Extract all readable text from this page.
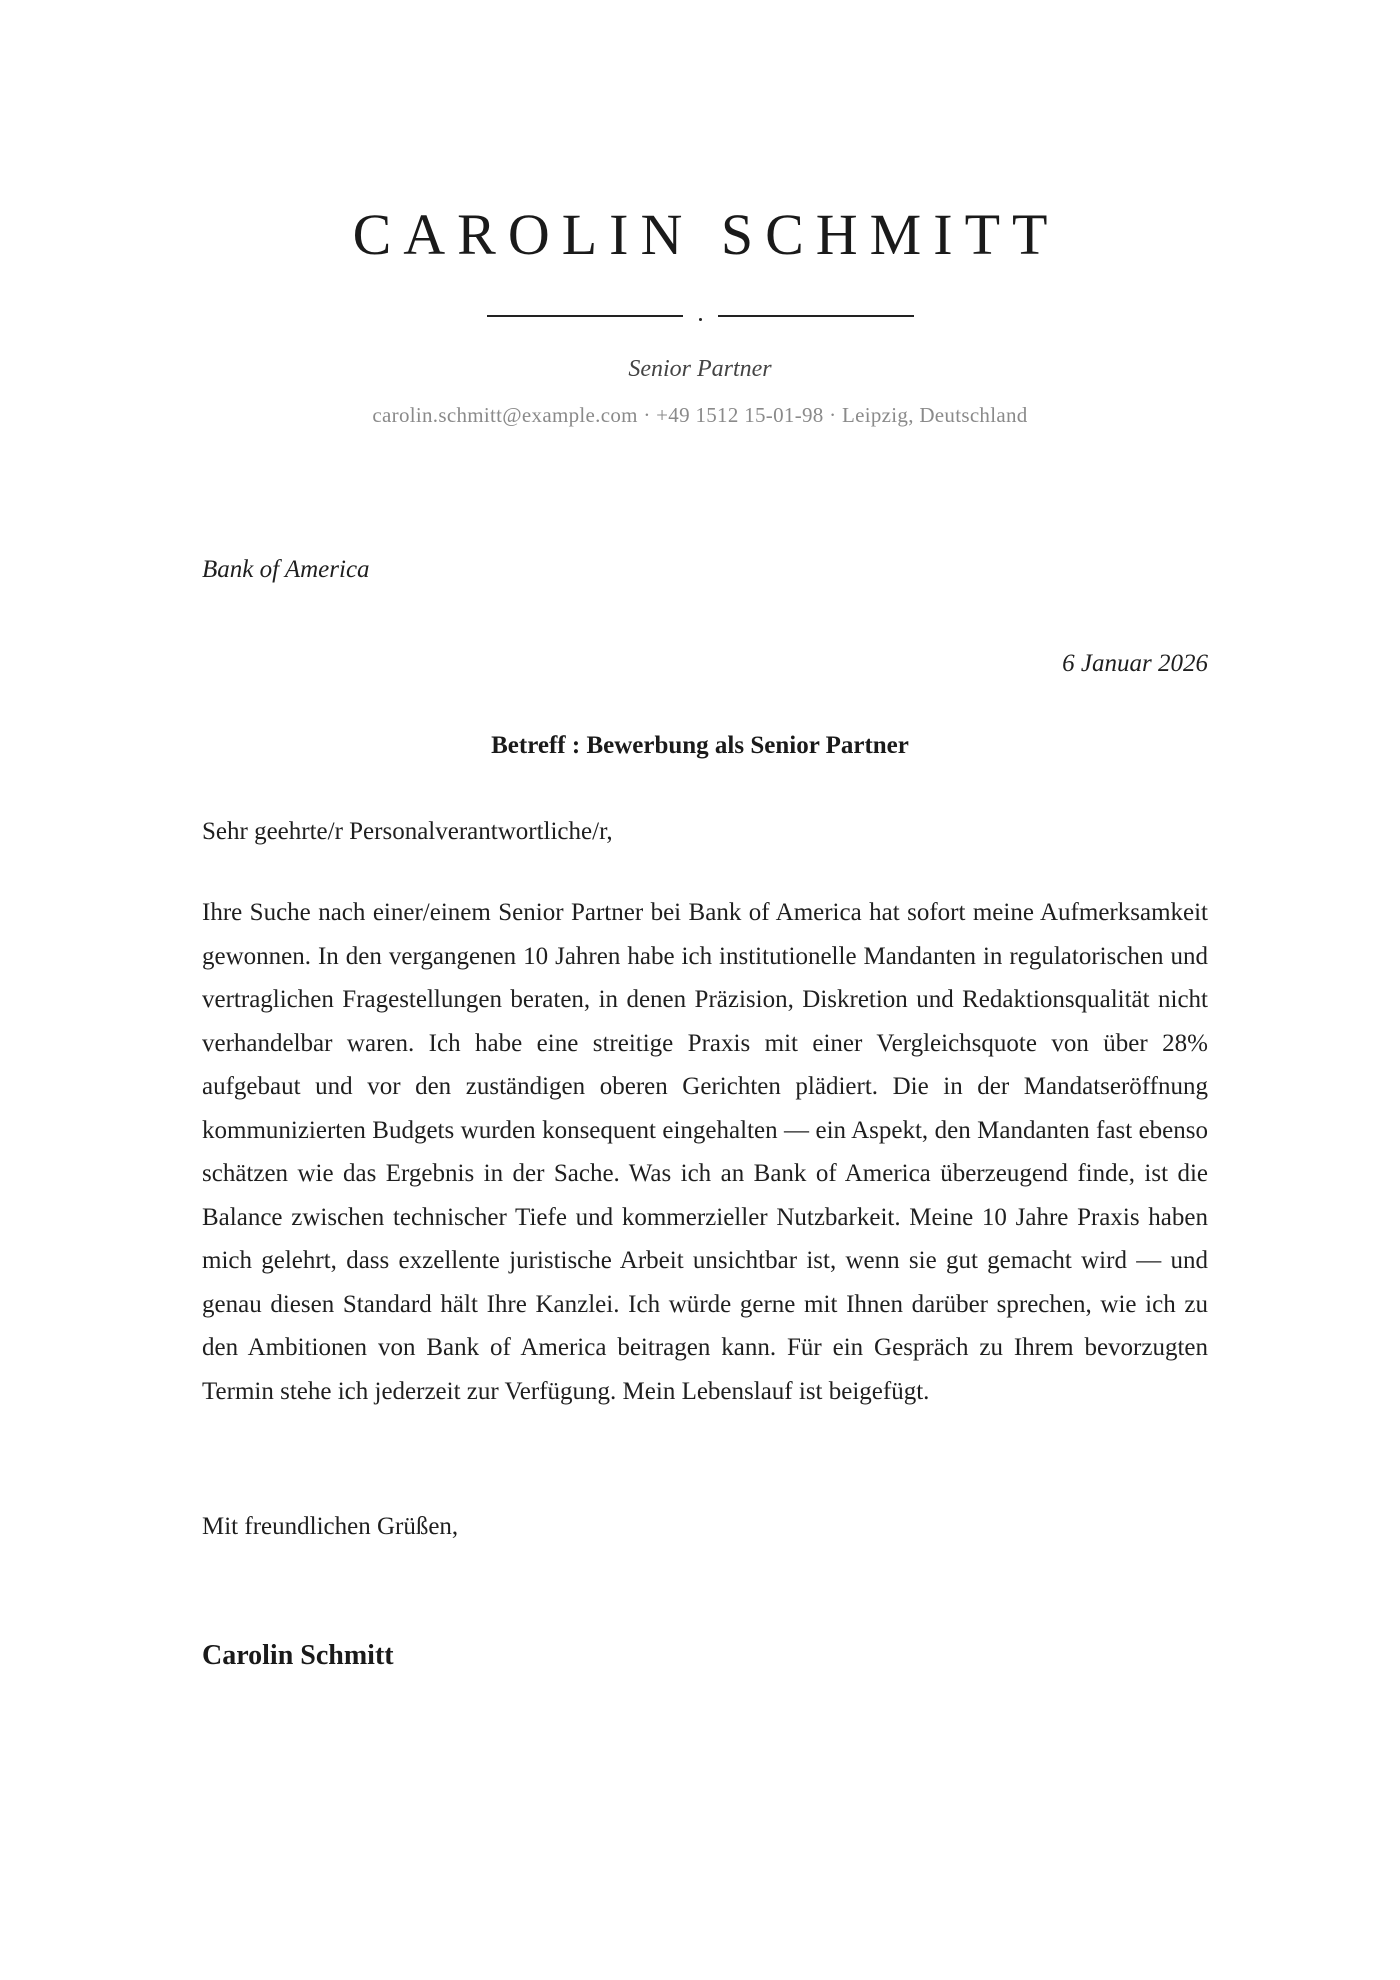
CAROLIN SCHMITT
Senior Partner
carolin.schmitt@example.com · +49 1512 15-01-98 · Leipzig, Deutschland
Bank of America
6 Januar 2026
Betreff : Bewerbung als Senior Partner
Sehr geehrte/r Personalverantwortliche/r,

Ihre Suche nach einer/einem Senior Partner bei Bank of America hat sofort meine Aufmerksamkeit gewonnen. In den vergangenen 10 Jahren habe ich institutionelle Mandanten in regulatorischen und vertraglichen Fragestellungen beraten, in denen Präzision, Diskretion und Redaktionsqualität nicht verhandelbar waren. Ich habe eine streitige Praxis mit einer Vergleichsquote von über 28% aufgebaut und vor den zuständigen oberen Gerichten plädiert. Die in der Mandatseröffnung kommunizierten Budgets wurden konsequent eingehalten — ein Aspekt, den Mandanten fast ebenso schätzen wie das Ergebnis in der Sache. Was ich an Bank of America überzeugend finde, ist die Balance zwischen technischer Tiefe und kommerzieller Nutzbarkeit. Meine 10 Jahre Praxis haben mich gelehrt, dass exzellente juristische Arbeit unsichtbar ist, wenn sie gut gemacht wird — und genau diesen Standard hält Ihre Kanzlei. Ich würde gerne mit Ihnen darüber sprechen, wie ich zu den Ambitionen von Bank of America beitragen kann. Für ein Gespräch zu Ihrem bevorzugten Termin stehe ich jederzeit zur Verfügung. Mein Lebenslauf ist beigefügt.

Mit freundlichen Grüßen,
Carolin Schmitt
